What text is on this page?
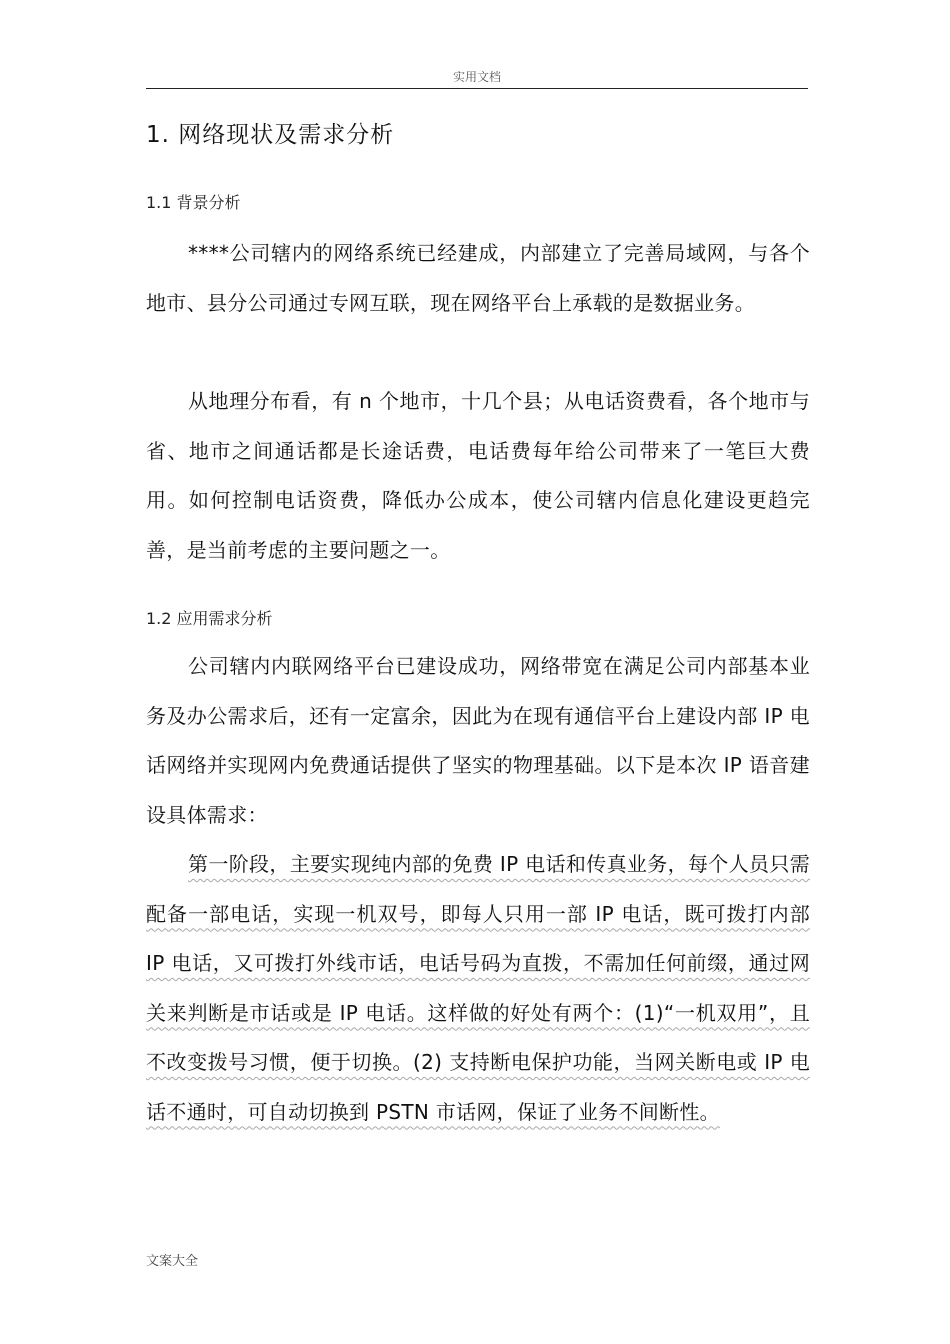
实用文档
1. 网络现状及需求分析
1.1 背景分析

****公司辖内的网络系统已经建成，内部建立了完善局域网，与各个地市、县分公司通过专网互联，现在网络平台上承载的是数据业务。

从地理分布看，有 n 个地市，十几个县；从电话资费看，各个地市与省、地市之间通话都是长途话费，电话费每年给公司带来了一笔巨大费用。如何控制电话资费，降低办公成本，使公司辖内信息化建设更趋完善，是当前考虑的主要问题之一。

1.2 应用需求分析

公司辖内内联网络平台已建设成功，网络带宽在满足公司内部基本业务及办公需求后，还有一定富余，因此为在现有通信平台上建设内部 IP 电话网络并实现网内免费通话提供了坚实的物理基础。以下是本次 IP 语音建设具体需求：

第一阶段，主要实现纯内部的免费 IP 电话和传真业务，每个人员只需配备一部电话，实现一机双号，即每人只用一部 IP 电话，既可拨打内部 IP 电话，又可拨打外线市话，电话号码为直拨，不需加任何前缀，通过网关来判断是市话或是 IP 电话。这样做的好处有两个：(1)“一机双用”，且不改变拨号习惯，便于切换。(2) 支持断电保护功能，当网关断电或 IP 电话不通时，可自动切换到 PSTN 市话网，保证了业务不间断性。

文案大全
